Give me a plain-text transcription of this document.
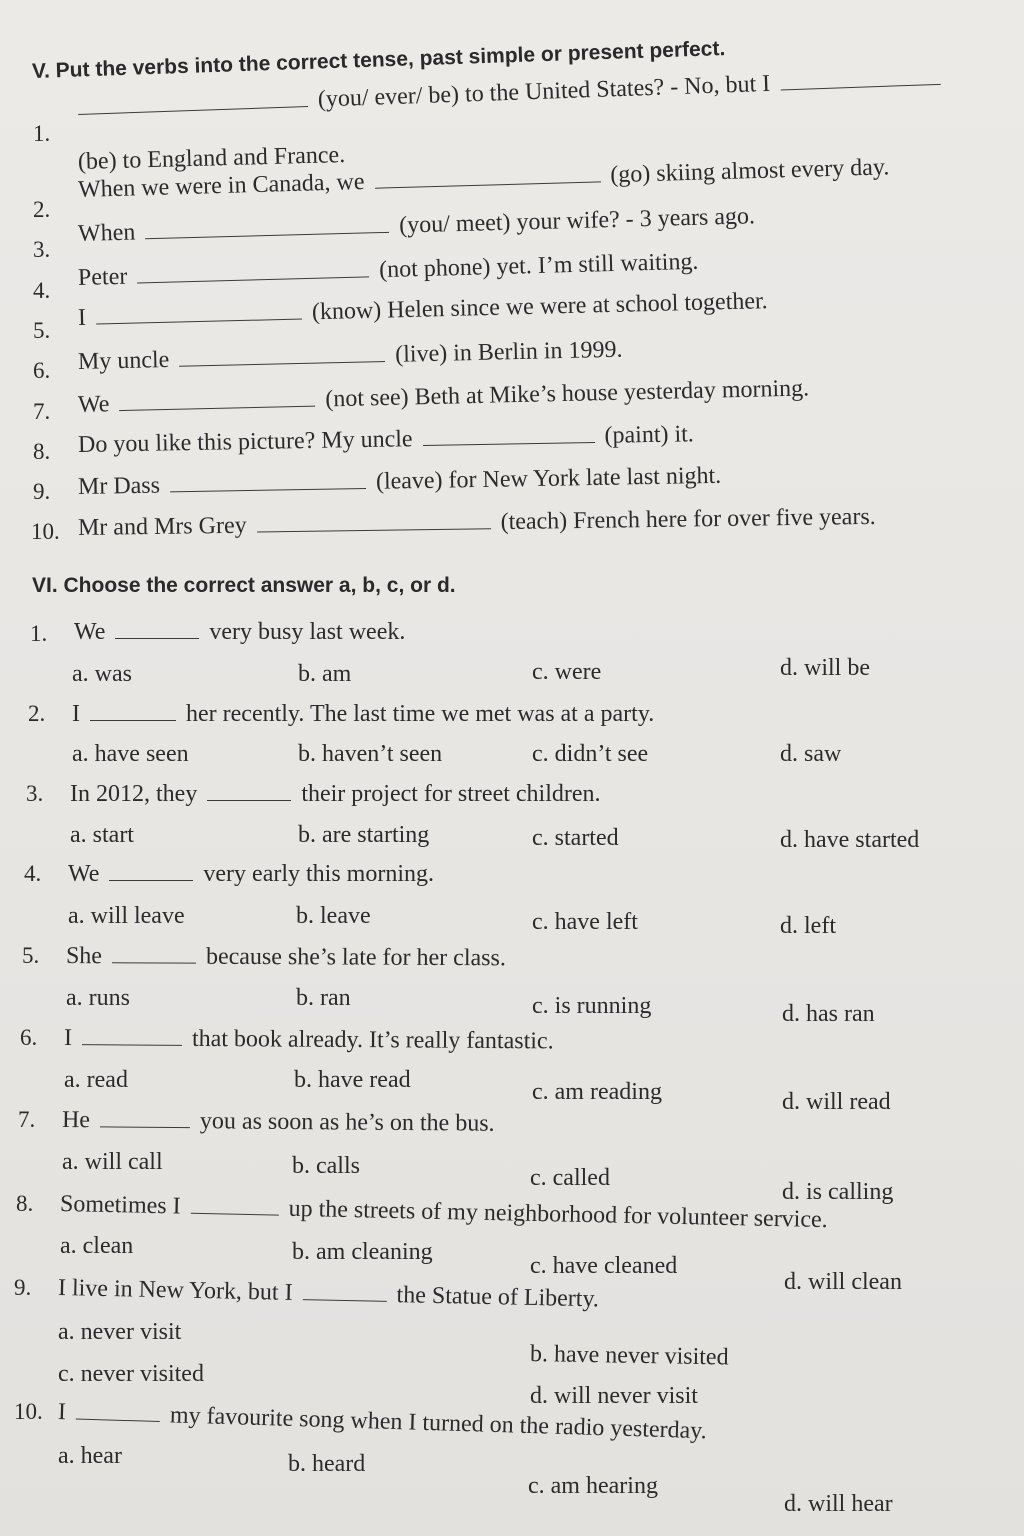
V. Put the verbs into the correct tense, past simple or present perfect.
1.
(you/ ever/ be) to the United States? - No, but I
(be) to England and France.
2.
When we were in Canada, we	(go) skiing almost every day.
3.
When	(you/ meet) your wife? - 3 years ago.
4. Peter	(not phone) yet. I’m still waiting.
5. I	(know) Helen since we were at school together.
6. My uncle	(live) in Berlin in 1999.
7. We	(not see) Beth at Mike’s house yesterday morning.
8. Do you like this picture? My uncle	(paint) it.
9. Mr Dass	(leave) for New York late last night.
10. Mr and Mrs Grey	(teach) French here for over five years.
VI. Choose the correct answer a, b, c, or d.
1. We	very busy last week.
a. was	b. am	c. were	d. will be
2. I	her recently. The last time we met was at a party.
a. have seen	b. haven’t seen	c. didn’t see	d. saw
3. In 2012, they	their project for street children.
a. start	b. are starting	c. started	d. have started
4. We	very early this morning.
a. will leave	b. leave	c. have left	d. left
5. She	because she’s late for her class.
a. runs	b. ran	c. is running	d. has ran
6. I	that book already. It’s really fantastic.
a. read	b. have read	c. am reading	d. will read
7. He	you as soon as he’s on the bus.
a. will call	b. calls	c. called
d. is calling
8. Sometimes I	up the streets of my neighborhood for volunteer service.
a. clean	b. am cleaning
c. have cleaned
d. will clean
9. I live in New York, but I	the Statue of Liberty.
a. never visit
b. have never visited
c. never visited
d. will never visit
10. I	my favourite song when I turned on the radio yesterday.
a. hear	b. heard
c. am hearing
d. will hear
